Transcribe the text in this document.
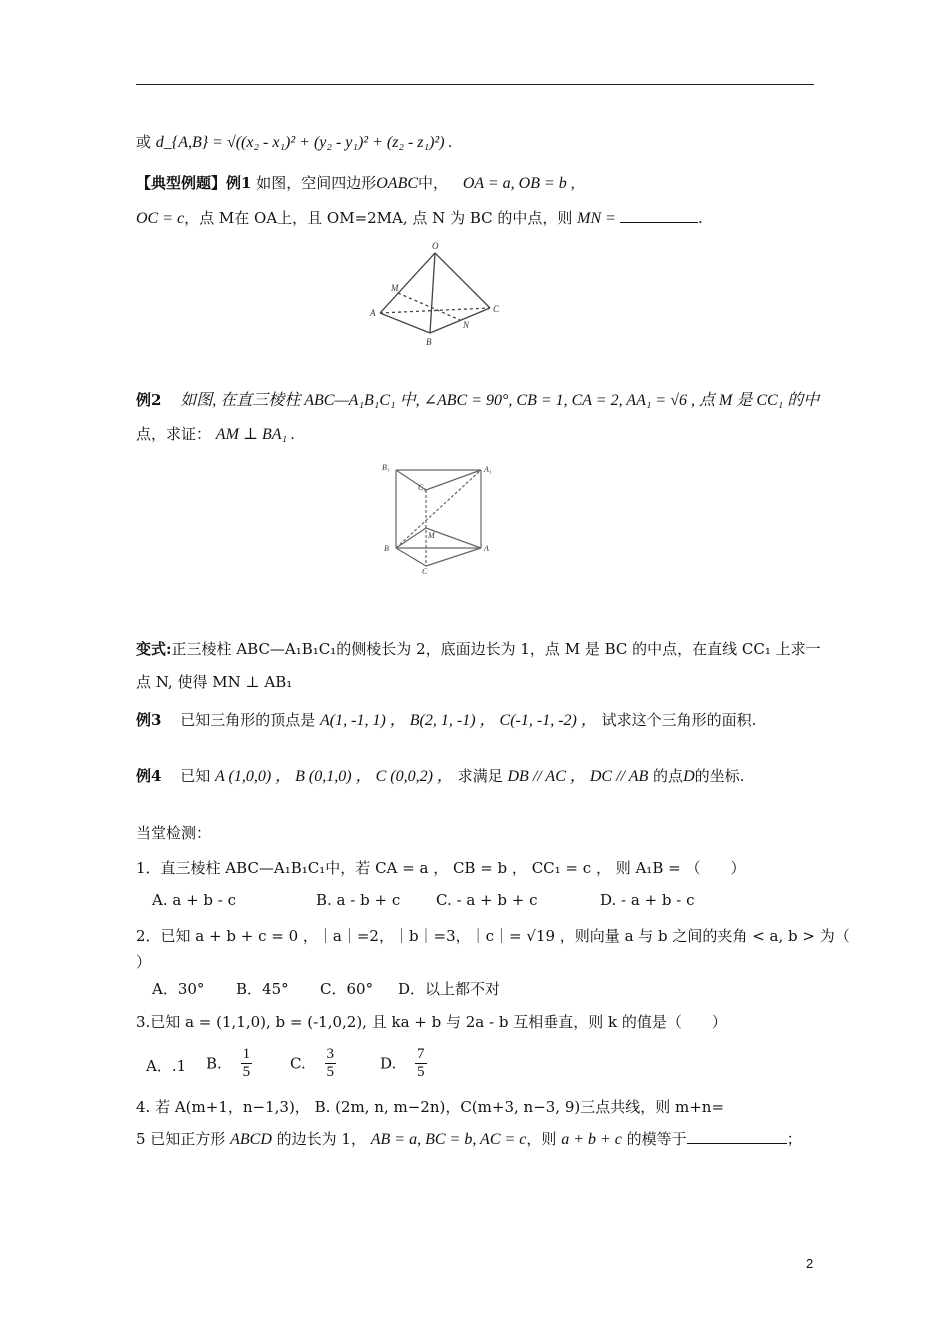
或 d_{A,B} = √((x₂ - x₁)² + (y₂ - y₁)² + (z₂ - z₁)²) .
【典型例题】例1 如图，空间四边形OABC中， OA = a, OB = b ,
OC = c，点 M在 OA上，且 OM=2MA, 点 N 为 BC 的中点，则 MN =	.
O
M
A	C
N
B
例2 如图, 在直三棱柱 ABC—A₁B₁C₁ 中, ∠ABC = 90°, CB = 1, CA = 2, AA₁ = √6 , 点 M 是 CC₁ 的中
点，求证： AM ⊥ BA₁ .
B₁	A₁
C₁
M
B	A
C
变式:正三棱柱 ABC—A₁B₁C₁的侧棱长为 2，底面边长为 1，点 M 是 BC 的中点，在直线 CC₁ 上求一
点 N, 使得 MN ⊥ AB₁
例3 已知三角形的顶点是 A(1, -1, 1) ， B(2, 1, -1) ， C(-1, -1, -2) ， 试求这个三角形的面积.
例4 已知 A (1,0,0) ， B (0,1,0) ， C (0,0,2) ， 求满足 DB // AC ， DC // AB 的点D的坐标.
当堂检测：
1．直三棱柱 ABC—A₁B₁C₁中，若 CA = a ， CB = b ， CC₁ = c ， 则 A₁B = （　　）
A. a + b - c	B. a - b + c C. - a + b + c	D. - a + b - c
2．已知 a + b + c = 0 ，｜a｜=2，｜b｜=3，｜c｜= √19 ，则向量 a 与 b 之间的夹角 < a, b > 为（
）
A．30° B．45° C．60° D．以上都不对
3.已知 a = (1,1,0), b = (-1,0,2), 且 ka + b 与 2a - b 互相垂直，则 k 的值是（　　）
A．.1 B. $\frac{1}{5}$	C. $\frac{3}{5}$	D. $\frac{7}{5}$
4. 若 A(m+1，n−1,3)， B. (2m, n, m−2n)，C(m+3, n−3, 9)三点共线，则 m+n=
5 已知正方形 ABCD 的边长为 1， AB = a, BC = b, AC = c，则 a + b + c 的模等于	；
2
